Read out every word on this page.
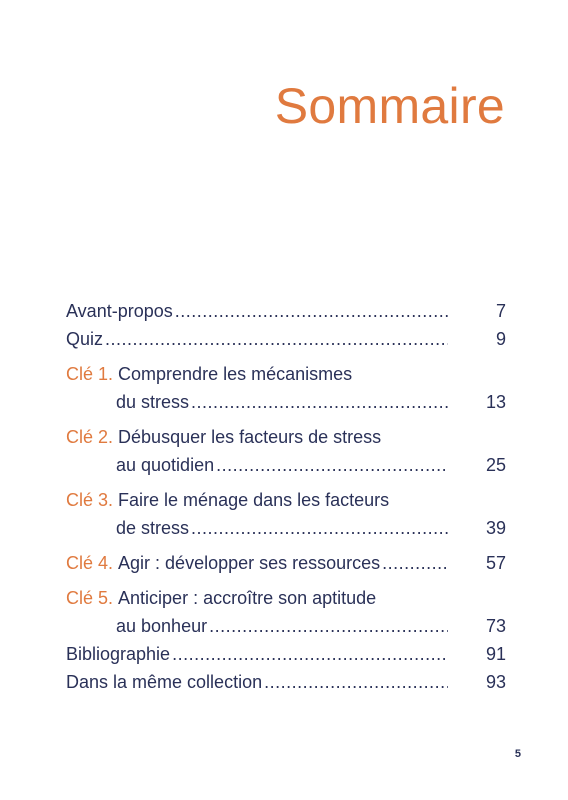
Sommaire
Avant-propos .....	7
Quiz .....	9
Clé 1. Comprendre les mécanismes
du stress .....	13
Clé 2. Débusquer les facteurs de stress
au quotidien .....	25
Clé 3. Faire le ménage dans les facteurs
de stress .....	39
Clé 4. Agir : développer ses ressources .....	57
Clé 5. Anticiper : accroître son aptitude
au bonheur .....	73
Bibliographie .....	91
Dans la même collection .....	93
5
